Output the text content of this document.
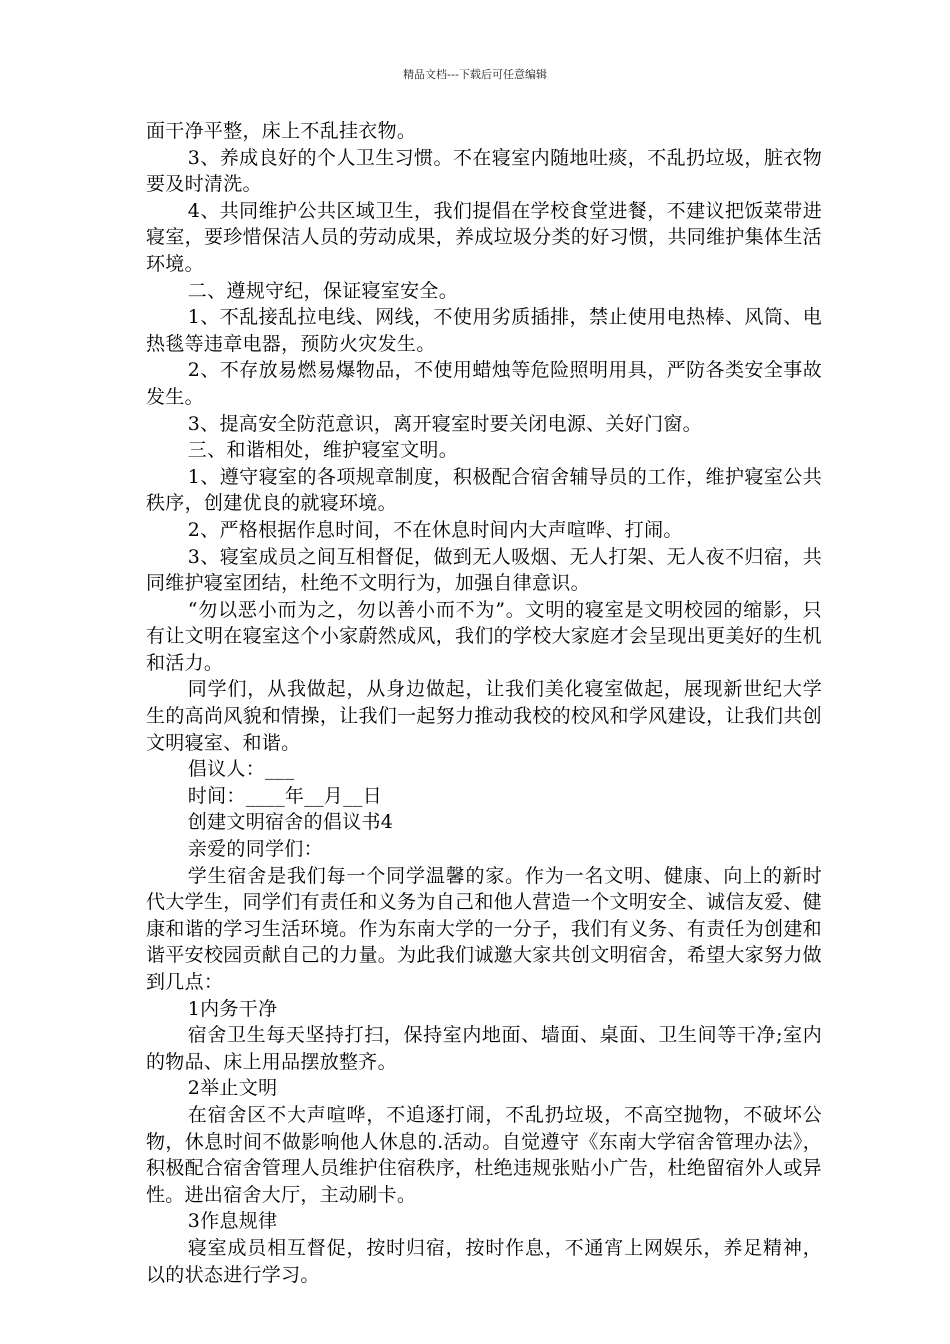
精品文档---下载后可任意编辑

面干净平整，床上不乱挂衣物。

3、养成良好的个人卫生习惯。不在寝室内随地吐痰，不乱扔垃圾，脏衣物要及时清洗。

4、共同维护公共区域卫生，我们提倡在学校食堂进餐，不建议把饭菜带进寝室，要珍惜保洁人员的劳动成果，养成垃圾分类的好习惯，共同维护集体生活环境。

二、遵规守纪，保证寝室安全。

1、不乱接乱拉电线、网线，不使用劣质插排，禁止使用电热棒、风筒、电热毯等违章电器，预防火灾发生。

2、不存放易燃易爆物品，不使用蜡烛等危险照明用具，严防各类安全事故发生。

3、提高安全防范意识，离开寝室时要关闭电源、关好门窗。

三、和谐相处，维护寝室文明。

1、遵守寝室的各项规章制度，积极配合宿舍辅导员的工作，维护寝室公共秩序，创建优良的就寝环境。

2、严格根据作息时间，不在休息时间内大声喧哗、打闹。

3、寝室成员之间互相督促，做到无人吸烟、无人打架、无人夜不归宿，共同维护寝室团结，杜绝不文明行为，加强自律意识。

“勿以恶小而为之，勿以善小而不为”。文明的寝室是文明校园的缩影，只有让文明在寝室这个小家蔚然成风，我们的学校大家庭才会呈现出更美好的生机和活力。

同学们，从我做起，从身边做起，让我们美化寝室做起，展现新世纪大学生的高尚风貌和情操，让我们一起努力推动我校的校风和学风建设，让我们共创文明寝室、和谐。

倡议人：___

时间：____年__月__日

创建文明宿舍的倡议书4

亲爱的同学们：

学生宿舍是我们每一个同学温馨的家。作为一名文明、健康、向上的新时代大学生，同学们有责任和义务为自己和他人营造一个文明安全、诚信友爱、健康和谐的学习生活环境。作为东南大学的一分子，我们有义务、有责任为创建和谐平安校园贡献自己的力量。为此我们诚邀大家共创文明宿舍，希望大家努力做到几点：

1内务干净

宿舍卫生每天坚持打扫，保持室内地面、墙面、桌面、卫生间等干净;室内的物品、床上用品摆放整齐。

2举止文明

在宿舍区不大声喧哗，不追逐打闹，不乱扔垃圾，不高空抛物，不破坏公物，休息时间不做影响他人休息的.活动。自觉遵守《东南大学宿舍管理办法》，积极配合宿舍管理人员维护住宿秩序，杜绝违规张贴小广告，杜绝留宿外人或异性。进出宿舍大厅，主动刷卡。

3作息规律

寝室成员相互督促，按时归宿，按时作息，不通宵上网娱乐，养足精神，以的状态进行学习。
